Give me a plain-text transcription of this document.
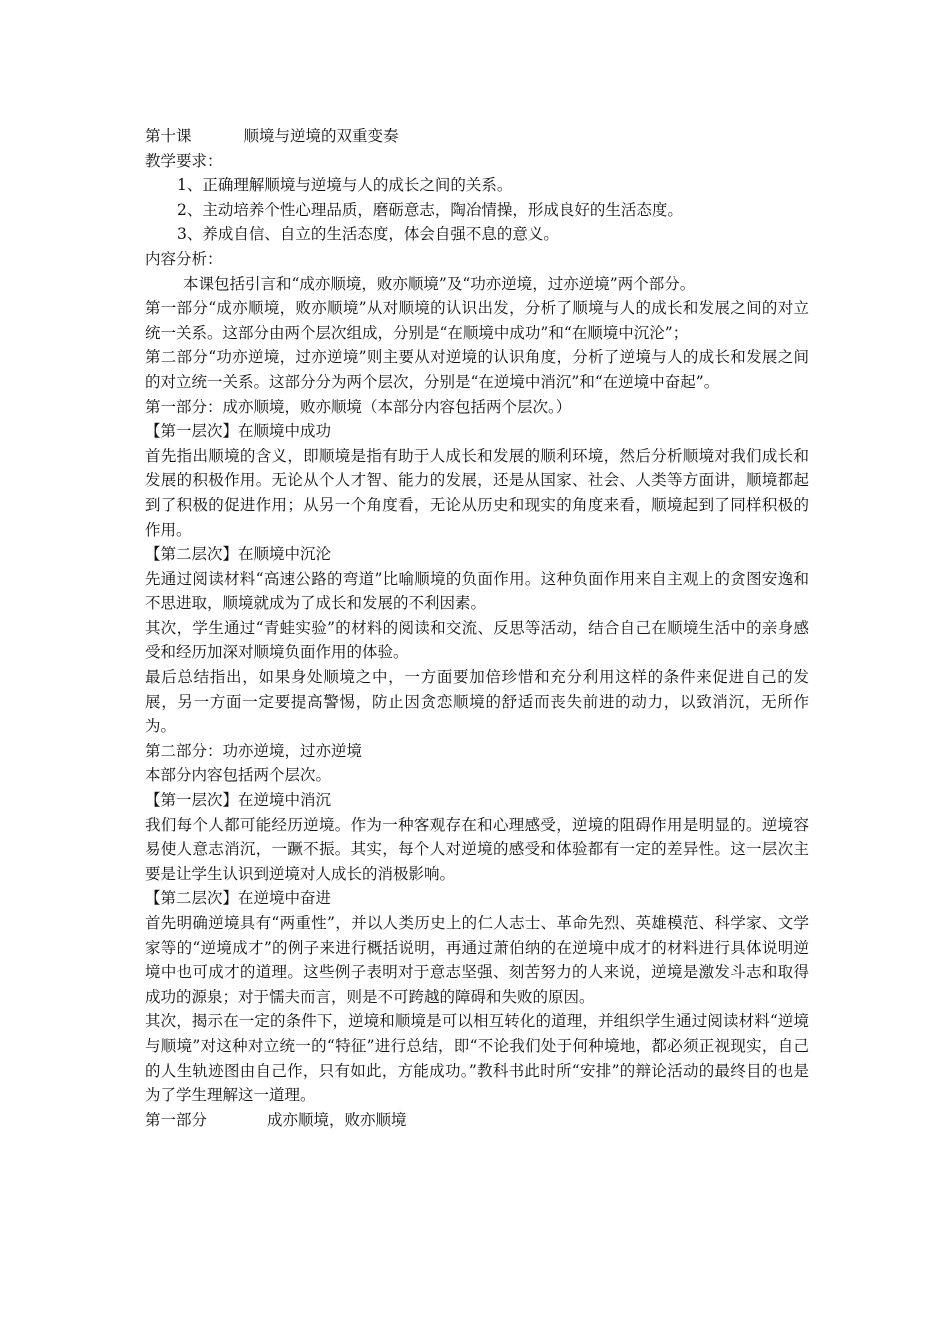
第十课	顺境与逆境的双重变奏
教学要求：
1、正确理解顺境与逆境与人的成长之间的关系。
2、主动培养个性心理品质，磨砺意志，陶冶情操，形成良好的生活态度。
3、养成自信、自立的生活态度，体会自强不息的意义。
内容分析：
本课包括引言和“成亦顺境，败亦顺境”及“功亦逆境，过亦逆境”两个部分。
第一部分“成亦顺境，败亦顺境”从对顺境的认识出发，分析了顺境与人的成长和发展之间的对立统一关系。这部分由两个层次组成，分别是“在顺境中成功”和“在顺境中沉沦”；
第二部分“功亦逆境，过亦逆境”则主要从对逆境的认识角度，分析了逆境与人的成长和发展之间的对立统一关系。这部分分为两个层次，分别是“在逆境中消沉”和“在逆境中奋起”。
第一部分：成亦顺境，败亦顺境（本部分内容包括两个层次。）
【第一层次】在顺境中成功
首先指出顺境的含义，即顺境是指有助于人成长和发展的顺利环境，然后分析顺境对我们成长和发展的积极作用。无论从个人才智、能力的发展，还是从国家、社会、人类等方面讲，顺境都起到了积极的促进作用；从另一个角度看，无论从历史和现实的角度来看，顺境起到了同样积极的作用。
【第二层次】在顺境中沉沦
先通过阅读材料“高速公路的弯道”比喻顺境的负面作用。这种负面作用来自主观上的贪图安逸和不思进取，顺境就成为了成长和发展的不利因素。
其次，学生通过“青蛙实验”的材料的阅读和交流、反思等活动，结合自己在顺境生活中的亲身感受和经历加深对顺境负面作用的体验。
最后总结指出，如果身处顺境之中，一方面要加倍珍惜和充分利用这样的条件来促进自己的发展，另一方面一定要提高警惕，防止因贪恋顺境的舒适而丧失前进的动力，以致消沉，无所作为。
第二部分：功亦逆境，过亦逆境
本部分内容包括两个层次。
【第一层次】在逆境中消沉
我们每个人都可能经历逆境。作为一种客观存在和心理感受，逆境的阻碍作用是明显的。逆境容易使人意志消沉，一蹶不振。其实，每个人对逆境的感受和体验都有一定的差异性。这一层次主要是让学生认识到逆境对人成长的消极影响。
【第二层次】在逆境中奋进
首先明确逆境具有“两重性”，并以人类历史上的仁人志士、革命先烈、英雄模范、科学家、文学家等的“逆境成才”的例子来进行概括说明，再通过萧伯纳的在逆境中成才的材料进行具体说明逆境中也可成才的道理。这些例子表明对于意志坚强、刻苦努力的人来说，逆境是激发斗志和取得成功的源泉；对于懦夫而言，则是不可跨越的障碍和失败的原因。
其次，揭示在一定的条件下，逆境和顺境是可以相互转化的道理，并组织学生通过阅读材料“逆境与顺境”对这种对立统一的“特征”进行总结，即“不论我们处于何种境地，都必须正视现实，自己的人生轨迹图由自己作，只有如此，方能成功。”教科书此时所“安排”的辩论活动的最终目的也是为了学生理解这一道理。
第一部分	成亦顺境，败亦顺境
